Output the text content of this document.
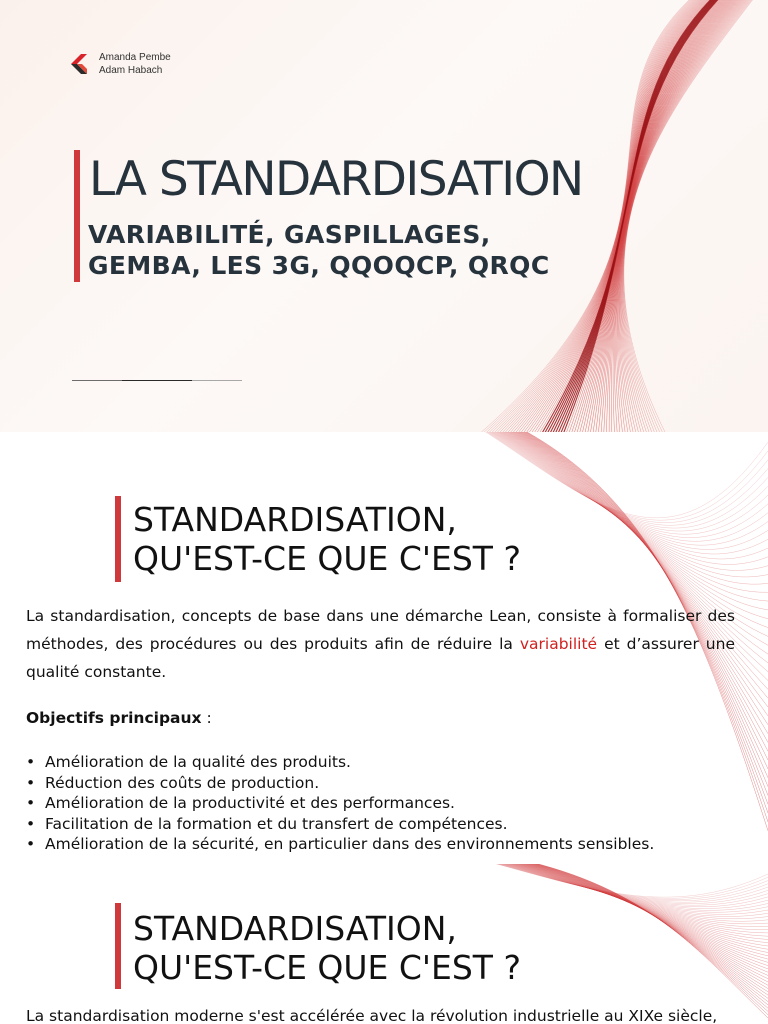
Amanda Pembe
Adam Habach
LA STANDARDISATION
VARIABILITÉ, GASPILLAGES, GEMBA, LES 3G, QQOQCP, QRQC
STANDARDISATION,
QU'EST-CE QUE C'EST ?

La standardisation, concepts de base dans une démarche Lean, consiste à formaliser des méthodes, des procédures ou des produits afin de réduire la variabilité et d’assurer une qualité constante.

Objectifs principaux :

• Amélioration de la qualité des produits.
• Réduction des coûts de production.
• Amélioration de la productivité et des performances.
• Facilitation de la formation et du transfert de compétences.
• Amélioration de la sécurité, en particulier dans des environnements sensibles.
STANDARDISATION,
QU'EST-CE QUE C'EST ?

La standardisation moderne s'est accélérée avec la révolution industrielle au XIXe siècle,
